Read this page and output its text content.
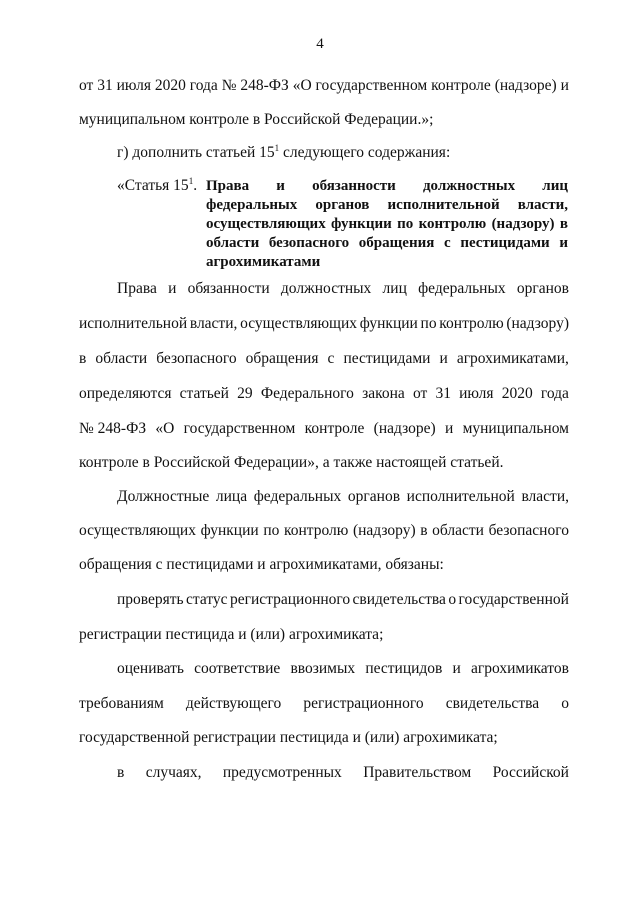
4
от 31 июля 2020 года № 248-ФЗ «О государственном контроле (надзоре) и
муниципальном контроле в Российской Федерации.»;
г) дополнить статьей $15^1$ следующего содержания:
«Статья $15^1$. Права и обязанности должностных лиц
федеральных органов исполнительной власти,
осуществляющих функции по контролю (надзору) в
области безопасного обращения с пестицидами и
агрохимикатами
Права и обязанности должностных лиц федеральных органов
исполнительной власти, осуществляющих функции по контролю (надзору)
в области безопасного обращения с пестицидами и агрохимикатами,
определяются статьей 29 Федерального закона от 31 июля 2020 года
№ 248-ФЗ «О государственном контроле (надзоре) и муниципальном
контроле в Российской Федерации», а также настоящей статьей.
Должностные лица федеральных органов исполнительной власти,
осуществляющих функции по контролю (надзору) в области безопасного
обращения с пестицидами и агрохимикатами, обязаны:
проверять статус регистрационного свидетельства о государственной
регистрации пестицида и (или) агрохимиката;
оценивать соответствие ввозимых пестицидов и агрохимикатов
требованиям действующего регистрационного свидетельства о
государственной регистрации пестицида и (или) агрохимиката;
в случаях, предусмотренных Правительством Российской
